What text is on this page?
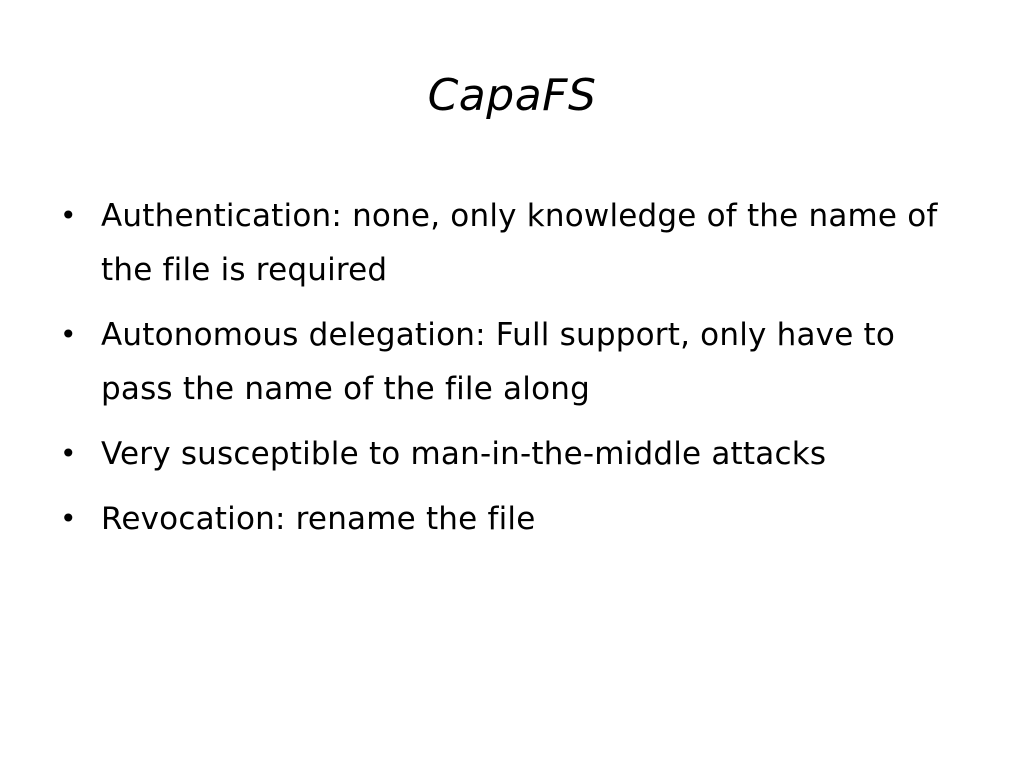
CapaFS
• Authentication: none, only knowledge of the name of the file is required
• Autonomous delegation: Full support, only have to pass the name of the file along
• Very susceptible to man-in-the-middle attacks
• Revocation: rename the file
